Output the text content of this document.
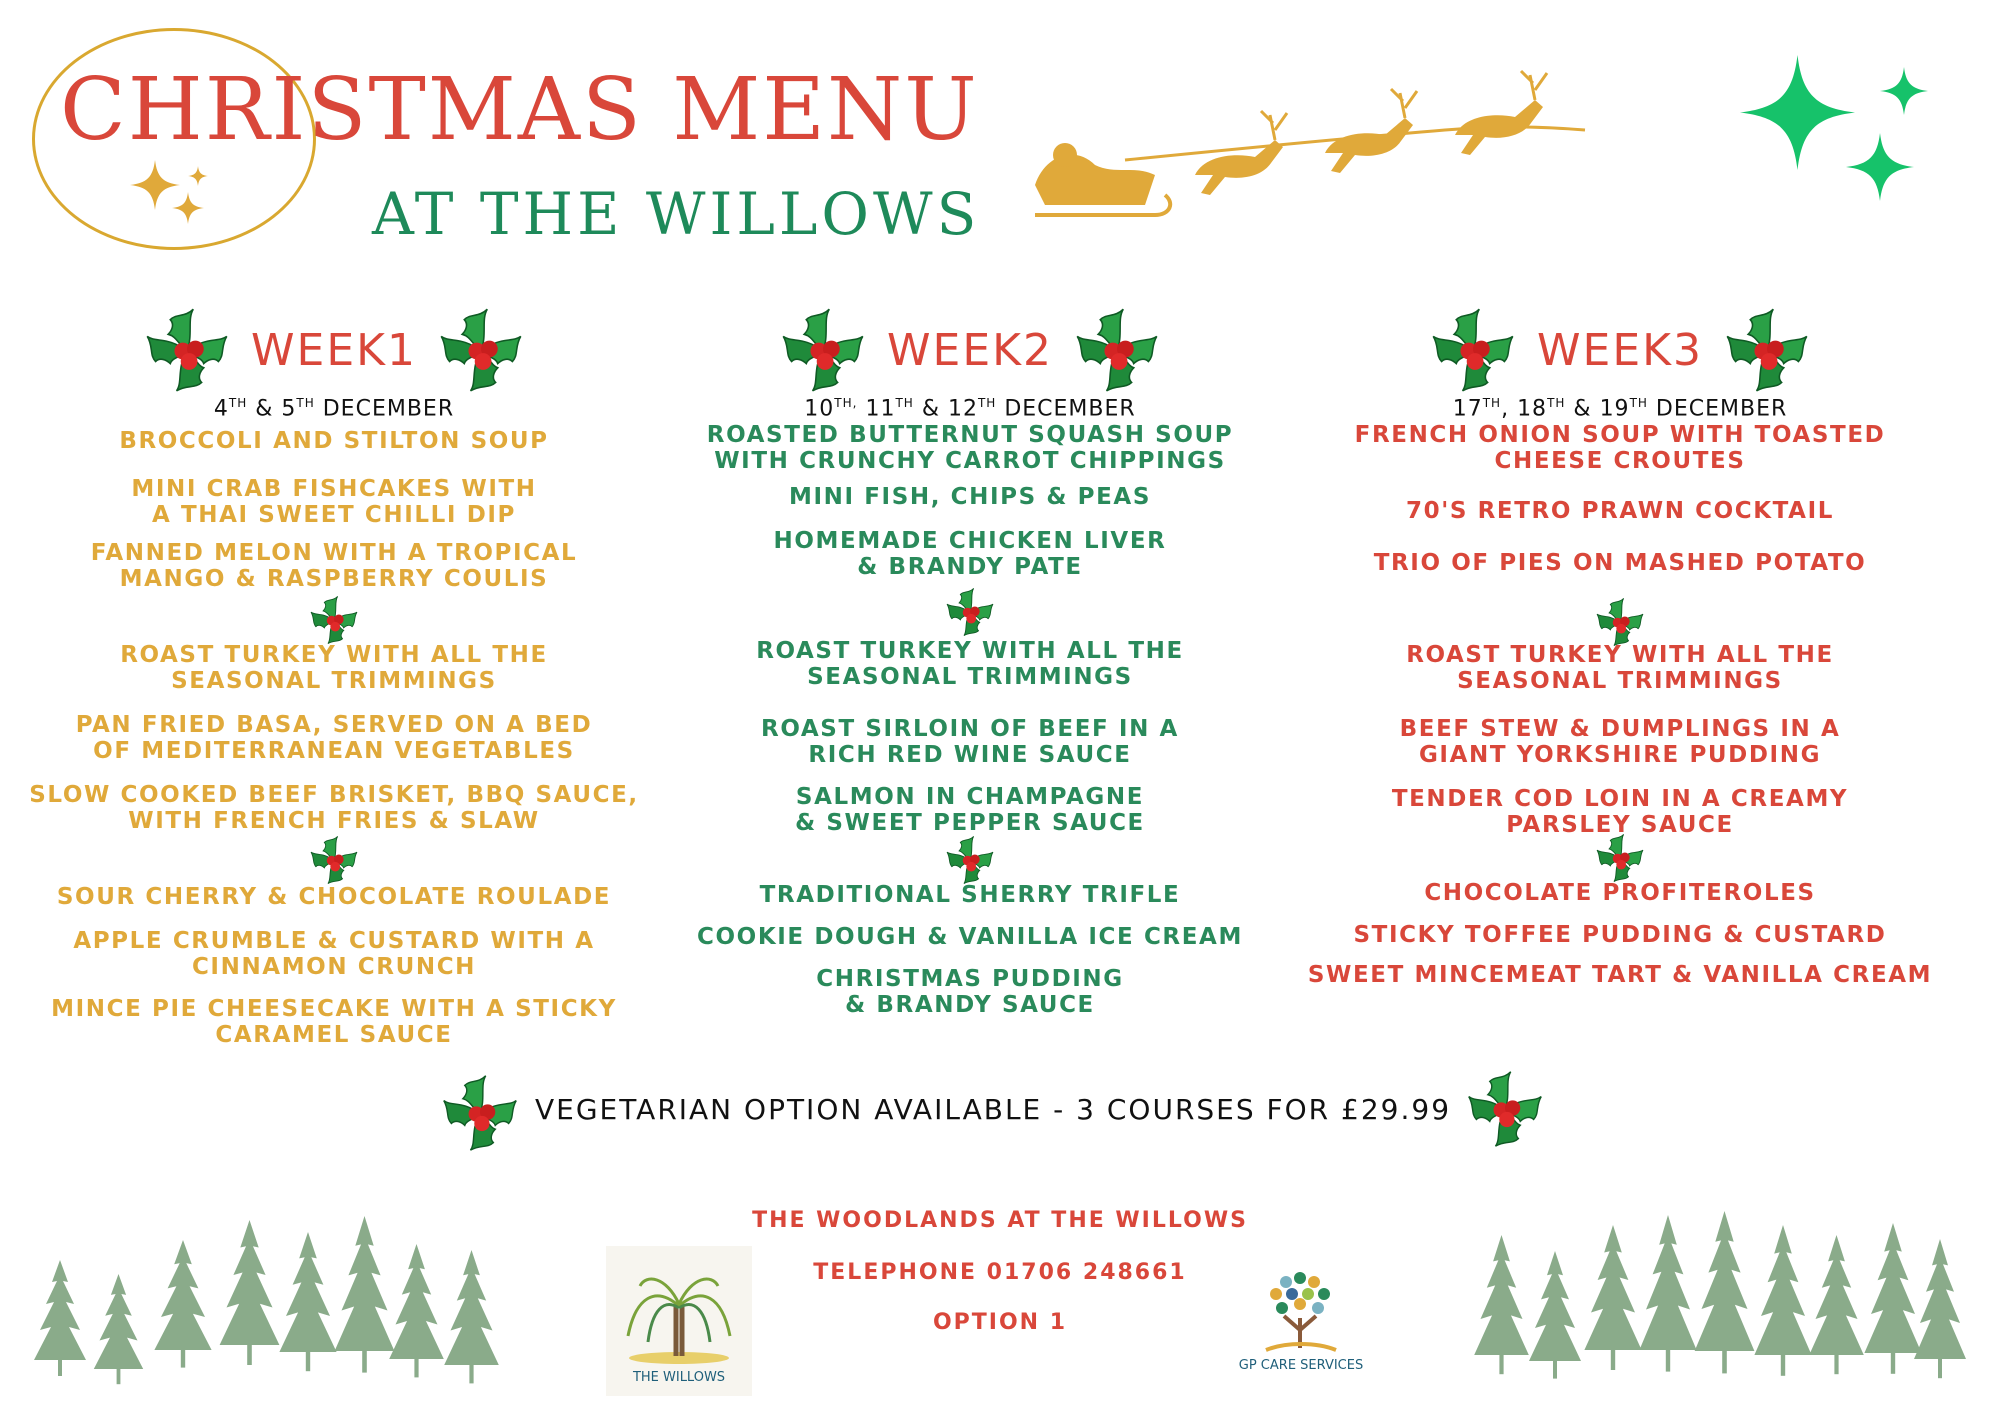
CHRISTMAS MENU
AT THE WILLOWS
WEEK1
4TH & 5TH DECEMBER
BROCCOLI AND STILTON SOUP
MINI CRAB FISHCAKES WITH
A THAI SWEET CHILLI DIP
FANNED MELON WITH A TROPICAL
MANGO & RASPBERRY COULIS
ROAST TURKEY WITH ALL THE
SEASONAL TRIMMINGS
PAN FRIED BASA, SERVED ON A BED
OF MEDITERRANEAN VEGETABLES
SLOW COOKED BEEF BRISKET, BBQ SAUCE,
WITH FRENCH FRIES & SLAW
SOUR CHERRY & CHOCOLATE ROULADE
APPLE CRUMBLE & CUSTARD WITH A
CINNAMON CRUNCH
MINCE PIE CHEESECAKE WITH A STICKY
CARAMEL SAUCE
WEEK2
$10^{TH,}$ 11TH & 12TH DECEMBER
ROASTED BUTTERNUT SQUASH SOUP
WITH CRUNCHY CARROT CHIPPINGS
MINI FISH, CHIPS & PEAS
HOMEMADE CHICKEN LIVER
& BRANDY PATE
ROAST TURKEY WITH ALL THE
SEASONAL TRIMMINGS
ROAST SIRLOIN OF BEEF IN A
RICH RED WINE SAUCE
SALMON IN CHAMPAGNE
& SWEET PEPPER SAUCE
TRADITIONAL SHERRY TRIFLE
COOKIE DOUGH & VANILLA ICE CREAM
CHRISTMAS PUDDING
& BRANDY SAUCE
WEEK3
17TH, 18TH & 19TH DECEMBER
FRENCH ONION SOUP WITH TOASTED
CHEESE CROUTES
70'S RETRO PRAWN COCKTAIL
TRIO OF PIES ON MASHED POTATO
ROAST TURKEY WITH ALL THE
SEASONAL TRIMMINGS
BEEF STEW & DUMPLINGS IN A
GIANT YORKSHIRE PUDDING
TENDER COD LOIN IN A CREAMY
PARSLEY SAUCE
CHOCOLATE PROFITEROLES
STICKY TOFFEE PUDDING & CUSTARD
SWEET MINCEMEAT TART & VANILLA CREAM
VEGETARIAN OPTION AVAILABLE - 3 COURSES FOR £29.99
THE WOODLANDS AT THE WILLOWS
TELEPHONE 01706 248661
OPTION 1
THE WILLOWS
GP CARE SERVICES
